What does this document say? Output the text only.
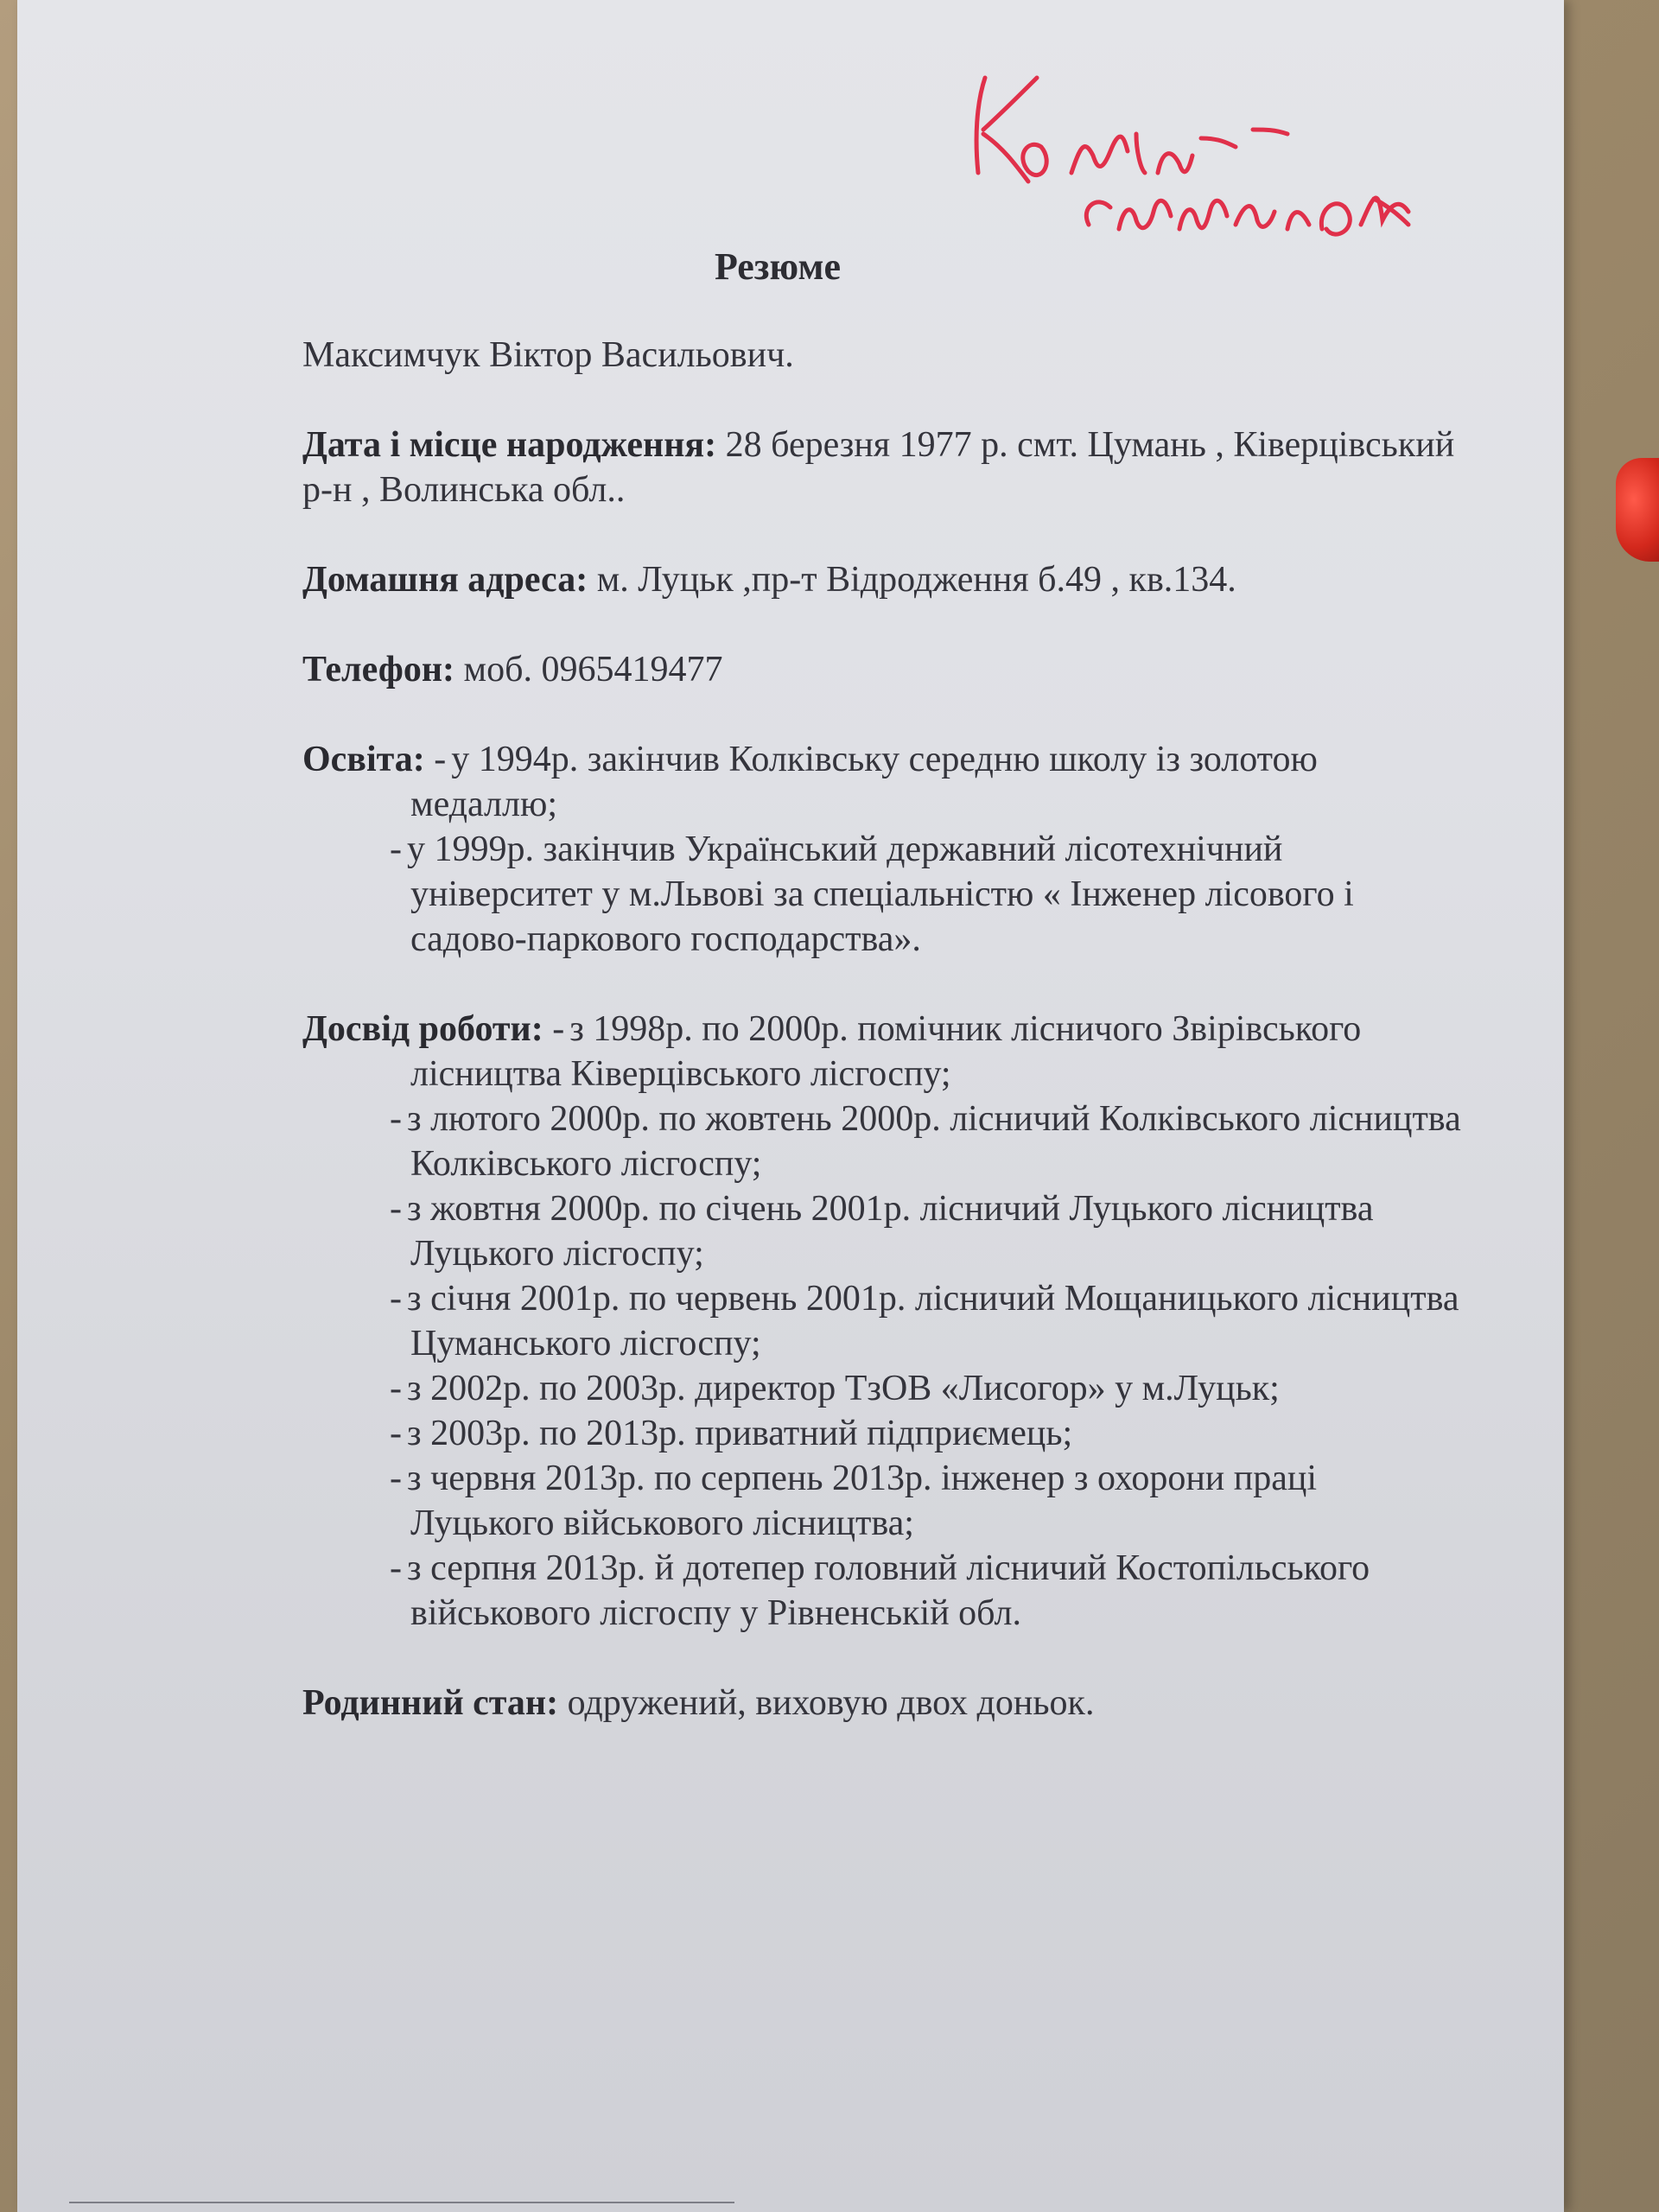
Резюме
Максимчук Віктор Васильович.
Дата і місце народження: 28 березня 1977 р. смт. Цумань , Ківерцівський р-н , Волинська обл..
Домашня адреса: м. Луцьк ,пр-т Відродження б.49 , кв.134.
Телефон: моб. 0965419477
Освіта: - у 1994р. закінчив Колківську середню школу із золотою медаллю;
- у 1999р. закінчив Український державний лісотехнічний університет у м.Львові за спеціальністю « Інженер лісового і садово-паркового господарства».
Досвід роботи: - з 1998р. по 2000р. помічник лісничого Звірівського лісництва Ківерцівського лісгоспу;
- з лютого 2000р. по жовтень 2000р. лісничий Колківського лісництва Колківського лісгоспу;
- з жовтня 2000р. по січень 2001р. лісничий Луцького лісництва Луцького лісгоспу;
- з січня 2001р. по червень 2001р. лісничий Мощаницького лісництва Цуманського лісгоспу;
- з 2002р. по 2003р. директор ТзОВ «Лисогор» у м.Луцьк;
- з 2003р. по 2013р. приватний підприємець;
- з червня 2013р. по серпень 2013р. інженер з охорони праці Луцького військового лісництва;
- з серпня 2013р. й дотепер головний лісничий Костопільського військового лісгоспу у Рівненській обл.
Родинний стан: одружений, виховую двох доньок.
